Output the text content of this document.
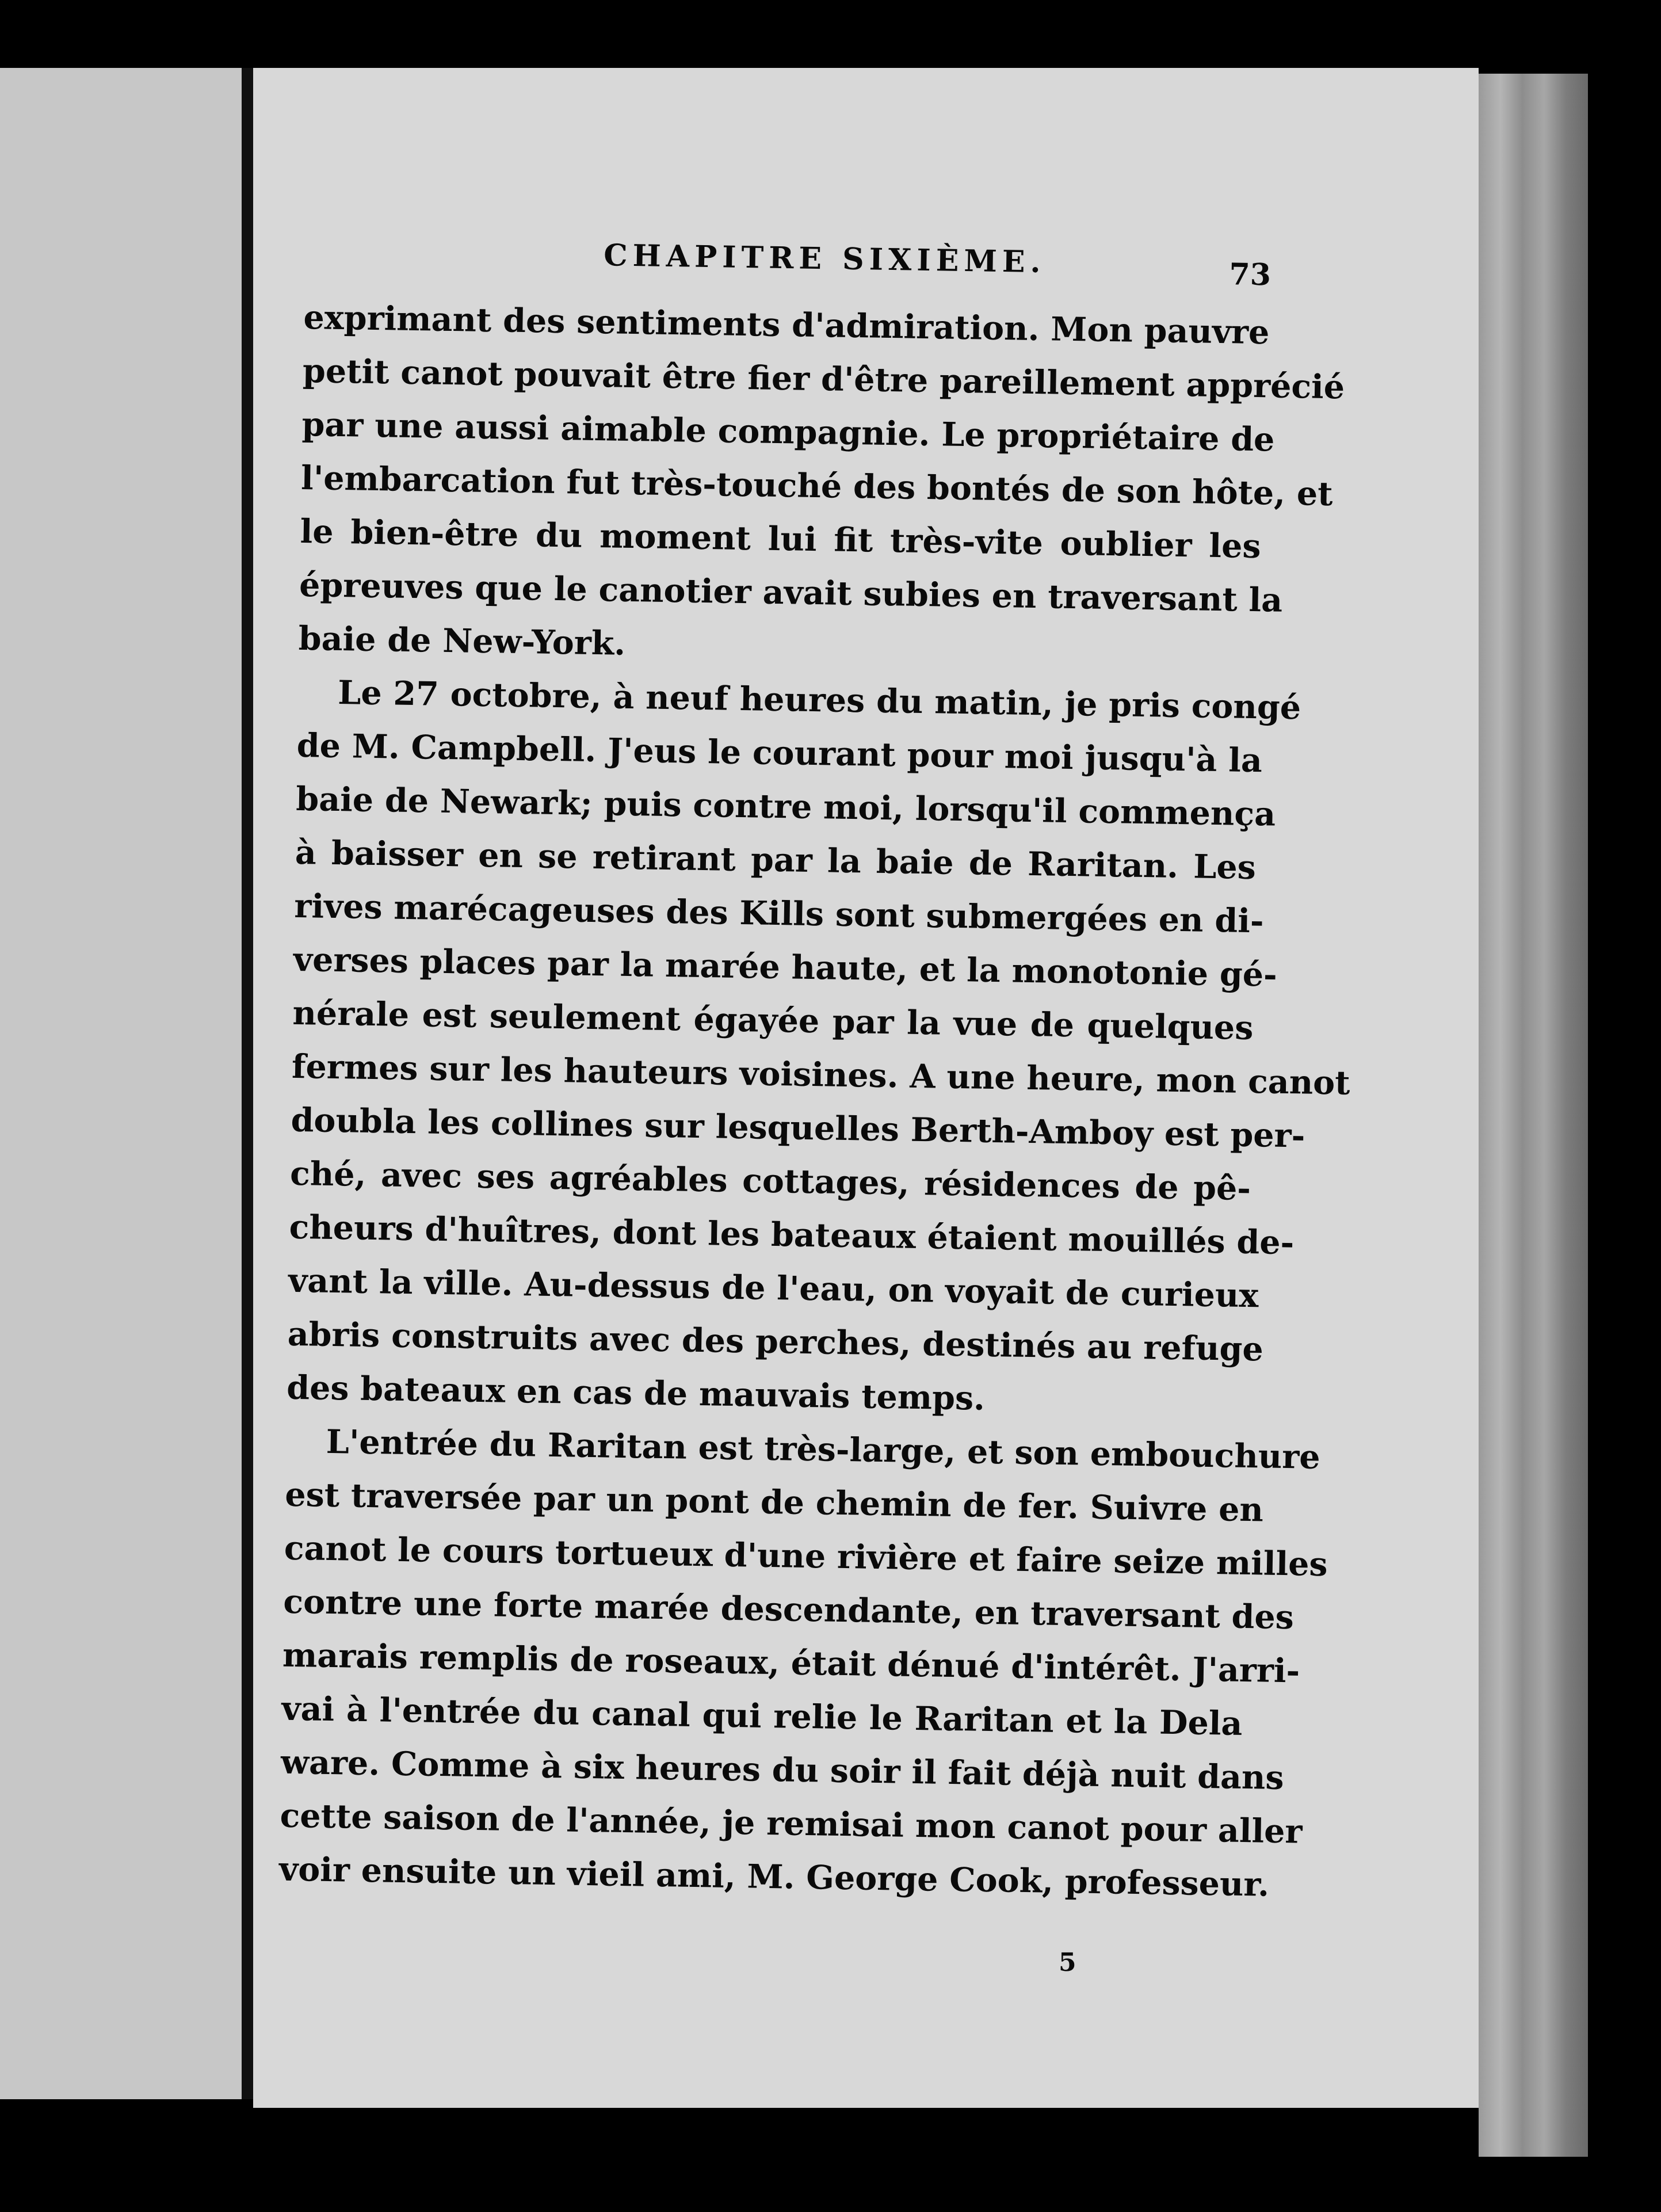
CHAPITRE SIXIÈME.	73
exprimant des sentiments d'admiration. Mon pauvre
petit canot pouvait être fier d'être pareillement apprécié
par une aussi aimable compagnie. Le propriétaire de
l'embarcation fut très-touché des bontés de son hôte, et
le bien-être du moment lui fit très-vite oublier les
épreuves que le canotier avait subies en traversant la
baie de New-York.
Le 27 octobre, à neuf heures du matin, je pris congé
de M. Campbell. J'eus le courant pour moi jusqu'à la
baie de Newark; puis contre moi, lorsqu'il commença
à baisser en se retirant par la baie de Raritan. Les
rives marécageuses des Kills sont submergées en di-
verses places par la marée haute, et la monotonie gé-
nérale est seulement égayée par la vue de quelques
fermes sur les hauteurs voisines. A une heure, mon canot
doubla les collines sur lesquelles Berth-Amboy est per-
ché, avec ses agréables cottages, résidences de pê-
cheurs d'huîtres, dont les bateaux étaient mouillés de-
vant la ville. Au-dessus de l'eau, on voyait de curieux
abris construits avec des perches, destinés au refuge
des bateaux en cas de mauvais temps.
L'entrée du Raritan est très-large, et son embouchure
est traversée par un pont de chemin de fer. Suivre en
canot le cours tortueux d'une rivière et faire seize milles
contre une forte marée descendante, en traversant des
marais remplis de roseaux, était dénué d'intérêt. J'arri-
vai à l'entrée du canal qui relie le Raritan et la Dela
ware. Comme à six heures du soir il fait déjà nuit dans
cette saison de l'année, je remisai mon canot pour aller
voir ensuite un vieil ami, M. George Cook, professeur.
5
